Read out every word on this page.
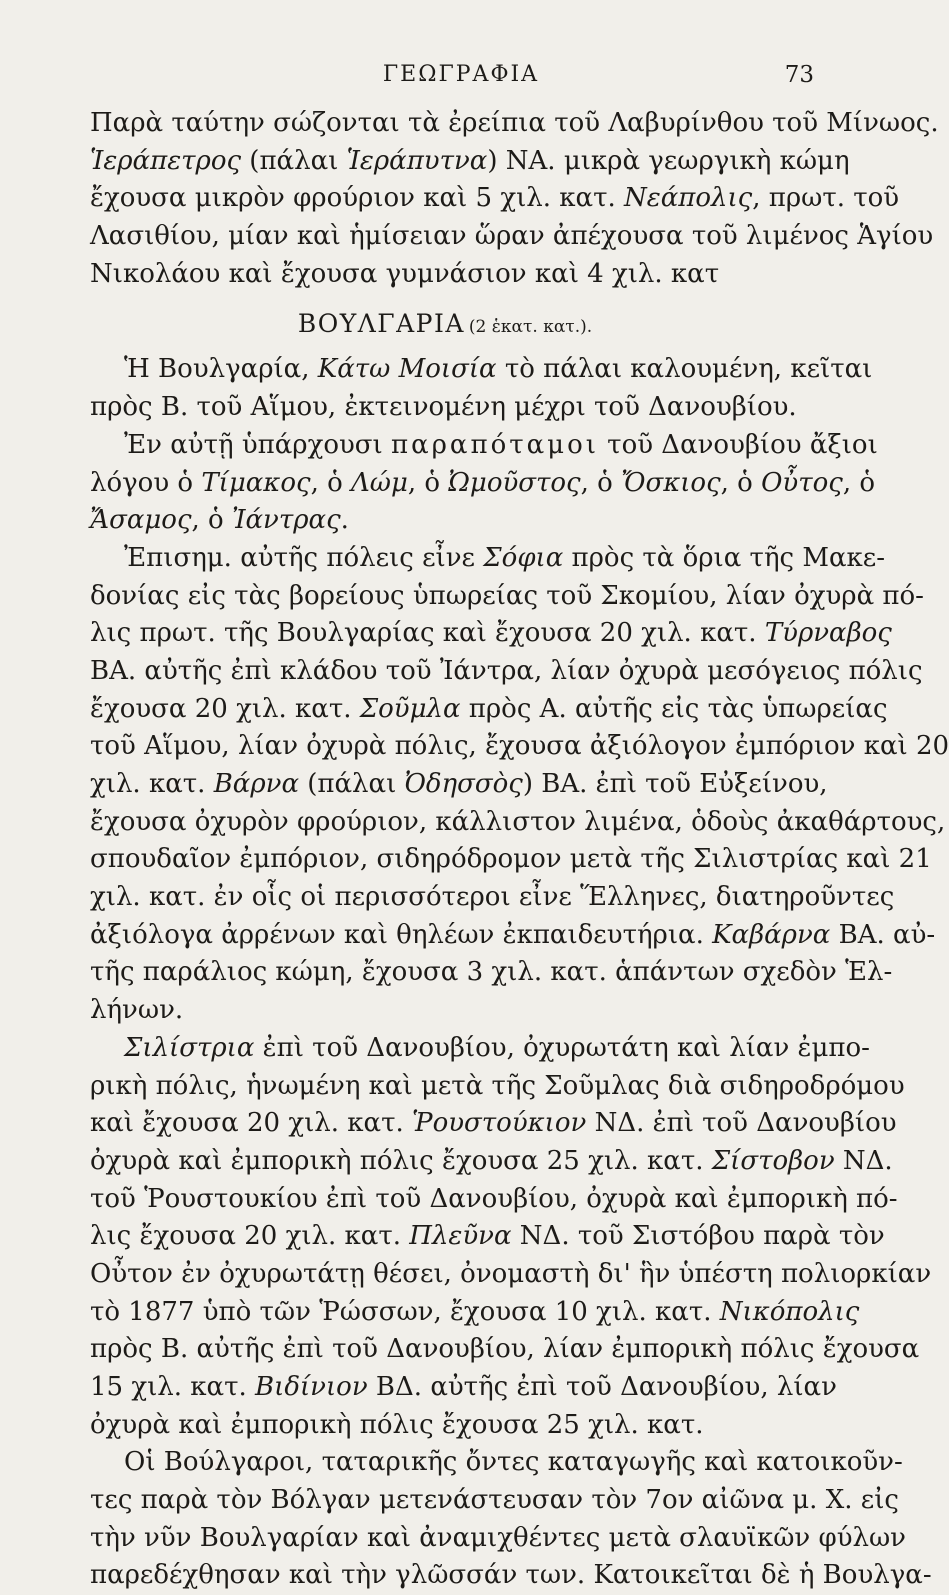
ΓΕΩΓΡΑΦΙΑ	73
Παρὰ ταύτην σώζονται τὰ ἐρείπια τοῦ Λαβυρίνθου τοῦ Μίνωος.
Ἱεράπετρος (πάλαι Ἱεράπυτνα) ΝΑ. μικρὰ γεωργικὴ κώμη
ἔχουσα μικρὸν φρούριον καὶ 5 χιλ. κατ. Νεάπολις, πρωτ. τοῦ
Λασιθίου, μίαν καὶ ἡμίσειαν ὥραν ἀπέχουσα τοῦ λιμένος Ἁγίου
Νικολάου καὶ ἔχουσα γυμνάσιον καὶ 4 χιλ. κατ
ΒΟΥΛΓΑΡΙΑ (2 ἑκατ. κατ.).
Ἡ Βουλγαρία, Κάτω Μοισία τὸ πάλαι καλουμένη, κεῖται
πρὸς Β. τοῦ Αἵμου, ἐκτεινομένη μέχρι τοῦ Δανουβίου.
Ἐν αὐτῇ ὑπάρχουσι παραπόταμοι τοῦ Δανουβίου ἄξιοι
λόγου ὁ Τίμακος, ὁ Λώμ, ὁ Ὠμοῦστος, ὁ Ὄσκιος, ὁ Οὖτος, ὁ
Ἄσαμος, ὁ Ἰάντρας.
Ἐπισημ. αὐτῆς πόλεις εἶνε Σόφια πρὸς τὰ ὅρια τῆς Μακε-
δονίας εἰς τὰς βορείους ὑπωρείας τοῦ Σκομίου, λίαν ὀχυρὰ πό-
λις πρωτ. τῆς Βουλγαρίας καὶ ἔχουσα 20 χιλ. κατ. Τύρναβος
ΒΑ. αὐτῆς ἐπὶ κλάδου τοῦ Ἰάντρα, λίαν ὀχυρὰ μεσόγειος πόλις
ἔχουσα 20 χιλ. κατ. Σοῦμλα πρὸς Α. αὐτῆς εἰς τὰς ὑπωρείας
τοῦ Αἵμου, λίαν ὀχυρὰ πόλις, ἔχουσα ἀξιόλογον ἐμπόριον καὶ 20
χιλ. κατ. Βάρνα (πάλαι Ὀδησσὸς) ΒΑ. ἐπὶ τοῦ Εὐξείνου,
ἔχουσα ὀχυρὸν φρούριον, κάλλιστον λιμένα, ὁδοὺς ἀκαθάρτους,
σπουδαῖον ἐμπόριον, σιδηρόδρομον μετὰ τῆς Σιλιστρίας καὶ 21
χιλ. κατ. ἐν οἷς οἱ περισσότεροι εἶνε Ἕλληνες, διατηροῦντες
ἀξιόλογα ἀρρένων καὶ θηλέων ἐκπαιδευτήρια. Καβάρνα ΒΑ. αὐ-
τῆς παράλιος κώμη, ἔχουσα 3 χιλ. κατ. ἁπάντων σχεδὸν Ἑλ-
λήνων.
Σιλίστρια ἐπὶ τοῦ Δανουβίου, ὀχυρωτάτη καὶ λίαν ἐμπο-
ρικὴ πόλις, ἡνωμένη καὶ μετὰ τῆς Σοῦμλας διὰ σιδηροδρόμου
καὶ ἔχουσα 20 χιλ. κατ. Ῥουστούκιον ΝΔ. ἐπὶ τοῦ Δανουβίου
ὀχυρὰ καὶ ἐμπορικὴ πόλις ἔχουσα 25 χιλ. κατ. Σίστοβον ΝΔ.
τοῦ Ῥουστουκίου ἐπὶ τοῦ Δανουβίου, ὀχυρὰ καὶ ἐμπορικὴ πό-
λις ἔχουσα 20 χιλ. κατ. Πλεῦνα ΝΔ. τοῦ Σιστόβου παρὰ τὸν
Οὖτον ἐν ὀχυρωτάτῃ θέσει, ὀνομαστὴ δι' ἣν ὑπέστη πολιορκίαν
τὸ 1877 ὑπὸ τῶν Ῥώσσων, ἔχουσα 10 χιλ. κατ. Νικόπολις
πρὸς Β. αὐτῆς ἐπὶ τοῦ Δανουβίου, λίαν ἐμπορικὴ πόλις ἔχουσα
15 χιλ. κατ. Βιδίνιον ΒΔ. αὐτῆς ἐπὶ τοῦ Δανουβίου, λίαν
ὀχυρὰ καὶ ἐμπορικὴ πόλις ἔχουσα 25 χιλ. κατ.
Οἱ Βούλγαροι, ταταρικῆς ὄντες καταγωγῆς καὶ κατοικοῦν-
τες παρὰ τὸν Βόλγαν μετενάστευσαν τὸν 7ον αἰῶνα μ. Χ. εἰς
τὴν νῦν Βουλγαρίαν καὶ ἀναμιχθέντες μετὰ σλαυϊκῶν φύλων
παρεδέχθησαν καὶ τὴν γλῶσσάν των. Κατοικεῖται δὲ ἡ Βουλγα-
